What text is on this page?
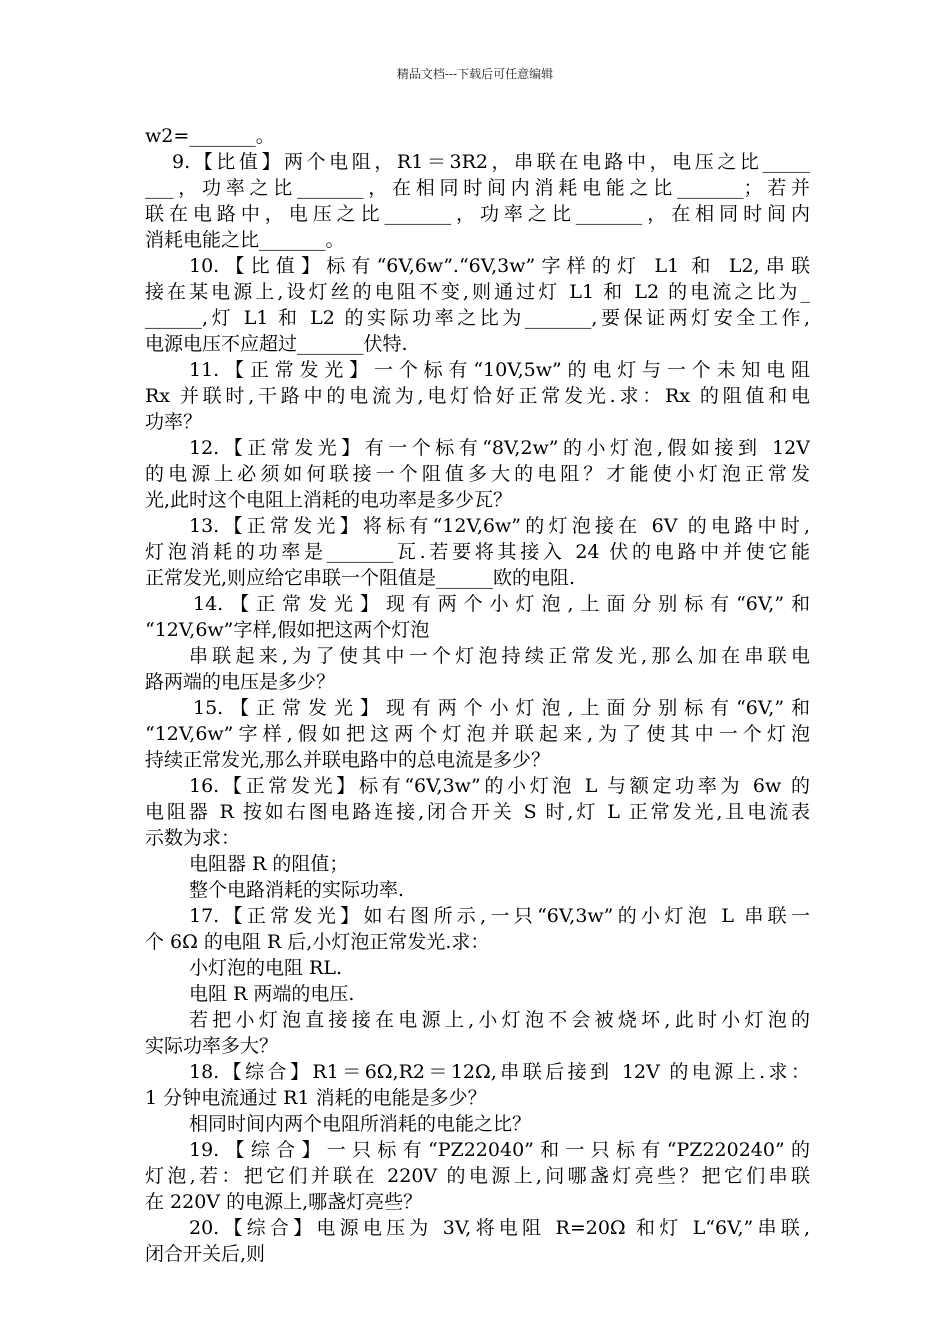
精品文档---下载后可任意编辑
w2=_______。
9.【比值】两个电阻，R1＝3R2，串联在电路中，电压之比_____
___，功率之比_______，在相同时间内消耗电能之比_______；若并
联在电路中，电压之比_______，功率之比_______，在相同时间内
消耗电能之比_______。
10.【比值】标有“6V,6w”.“6V,3w”字样的灯 L1 和 L2,串联
接在某电源上,设灯丝的电阻不变,则通过灯 L1 和 L2 的电流之比为_
______,灯 L1 和 L2 的实际功率之比为_______,要保证两灯安全工作,
电源电压不应超过_______伏特.
11.【正常发光】一个标有“10V,5w”的电灯与一个未知电阻
Rx 并联时,干路中的电流为,电灯恰好正常发光.求：Rx 的阻值和电
功率？
12.【正常发光】有一个标有“8V,2w”的小灯泡,假如接到 12V
的电源上必须如何联接一个阻值多大的电阻？才能使小灯泡正常发
光,此时这个电阻上消耗的电功率是多少瓦？
13.【正常发光】将标有“12V,6w”的灯泡接在 6V 的电路中时,
灯泡消耗的功率是_______瓦.若要将其接入 24 伏的电路中并使它能
正常发光,则应给它串联一个阻值是______欧的电阻.
14.【正常发光】现有两个小灯泡,上面分别标有“6V,”和
“12V,6w”字样,假如把这两个灯泡
串联起来,为了使其中一个灯泡持续正常发光,那么加在串联电
路两端的电压是多少？
15.【正常发光】现有两个小灯泡,上面分别标有“6V,”和
“12V,6w”字样,假如把这两个灯泡并联起来,为了使其中一个灯泡
持续正常发光,那么并联电路中的总电流是多少？
16.【正常发光】标有“6V,3w”的小灯泡 L 与额定功率为 6w 的
电阻器 R 按如右图电路连接,闭合开关 S 时,灯 L 正常发光,且电流表
示数为求：
电阻器 R 的阻值；
整个电路消耗的实际功率.
17.【正常发光】如右图所示,一只“6V,3w”的小灯泡 L 串联一
个 6Ω 的电阻 R 后,小灯泡正常发光.求：
小灯泡的电阻 RL.
电阻 R 两端的电压.
若把小灯泡直接接在电源上,小灯泡不会被烧坏,此时小灯泡的
实际功率多大？
18.【综合】R1＝6Ω,R2＝12Ω,串联后接到 12V 的电源上.求：
1 分钟电流通过 R1 消耗的电能是多少？
相同时间内两个电阻所消耗的电能之比？
19.【综合】一只标有“PZ22040”和一只标有“PZ220240”的
灯泡,若：把它们并联在 220V 的电源上,问哪盏灯亮些？把它们串联
在 220V 的电源上,哪盏灯亮些？
20.【综合】电源电压为 3V,将电阻 R=20Ω 和灯 L“6V,”串联,
闭合开关后,则
